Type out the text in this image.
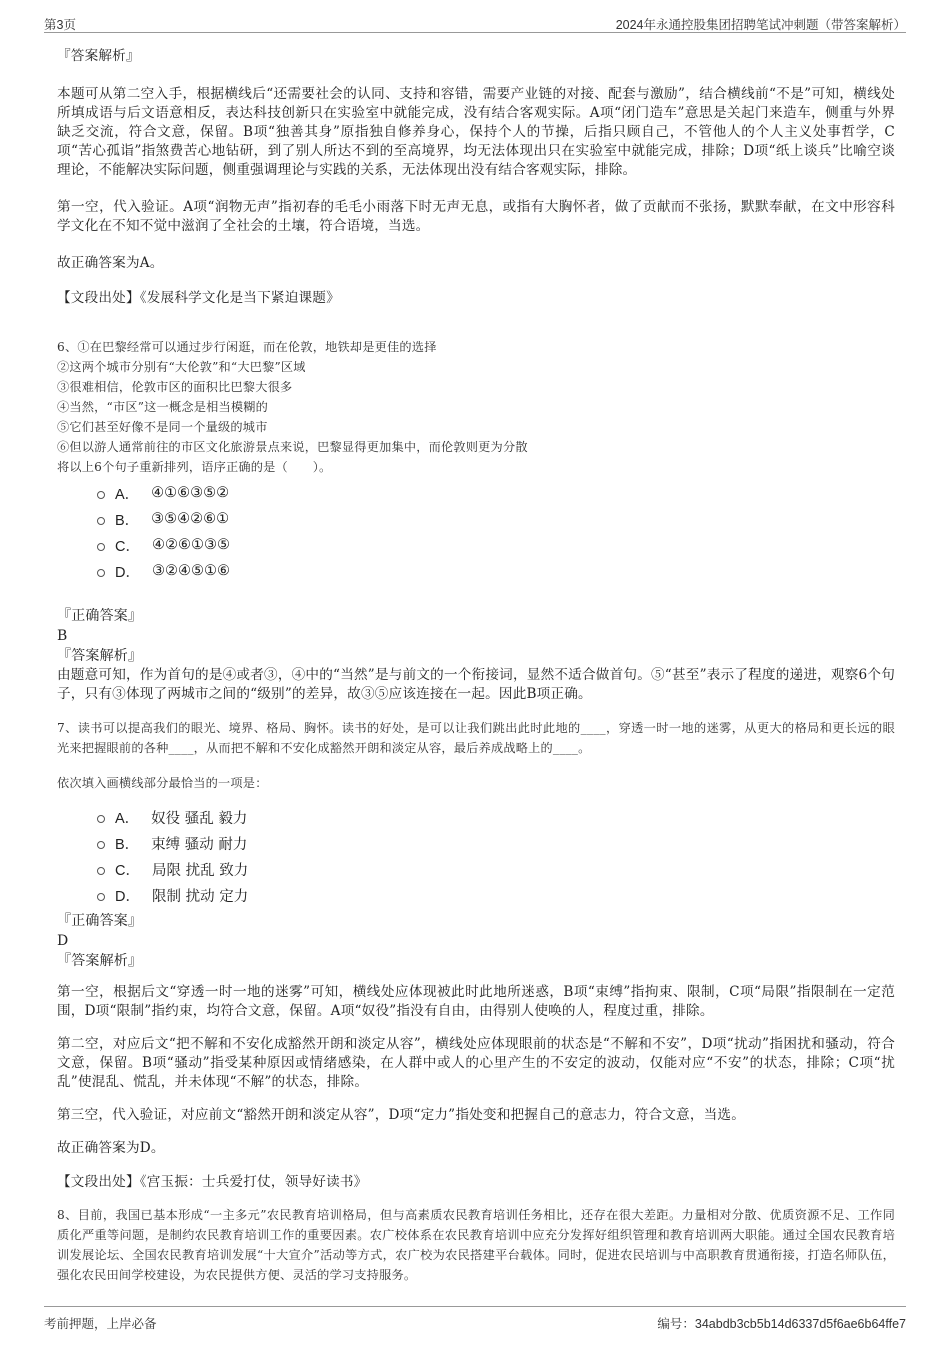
第3页	2024年永通控股集团招聘笔试冲刺题（带答案解析）

『答案解析』

本题可从第二空入手，根据横线后“还需要社会的认同、支持和容错，需要产业链的对接、配套与激励”，结合横线前“不是”可知，横线处所填成语与后文语意相反，表达科技创新只在实验室中就能完成，没有结合客观实际。A项“闭门造车”意思是关起门来造车，侧重与外界缺乏交流，符合文意，保留。B项“独善其身”原指独自修养身心，保持个人的节操，后指只顾自己，不管他人的个人主义处事哲学，C项“苦心孤诣”指煞费苦心地钻研，到了别人所达不到的至高境界，均无法体现出只在实验室中就能完成，排除；D项“纸上谈兵”比喻空谈理论，不能解决实际问题，侧重强调理论与实践的关系，无法体现出没有结合客观实际，排除。

第一空，代入验证。A项“润物无声”指初春的毛毛小雨落下时无声无息，或指有大胸怀者，做了贡献而不张扬，默默奉献，在文中形容科学文化在不知不觉中滋润了全社会的土壤，符合语境，当选。

故正确答案为A。

【文段出处】《发展科学文化是当下紧迫课题》

6、①在巴黎经常可以通过步行闲逛，而在伦敦，地铁却是更佳的选择

②这两个城市分别有“大伦敦”和“大巴黎”区域

③很难相信，伦敦市区的面积比巴黎大很多

④当然，“市区”这一概念是相当模糊的

⑤它们甚至好像不是同一个量级的城市

⑥但以游人通常前往的市区文化旅游景点来说，巴黎显得更加集中，而伦敦则更为分散

将以上6个句子重新排列，语序正确的是（　　）。

A． ④①⑥③⑤②
B． ③⑤④②⑥①
C． ④②⑥①③⑤
D． ③②④⑤①⑥

『正确答案』

B

『答案解析』

由题意可知，作为首句的是④或者③，④中的“当然”是与前文的一个衔接词，显然不适合做首句。⑤“甚至”表示了程度的递进，观察6个句子，只有③体现了两城市之间的“级别”的差异，故③⑤应该连接在一起。因此B项正确。

7、读书可以提高我们的眼光、境界、格局、胸怀。读书的好处，是可以让我们跳出此时此地的____，穿透一时一地的迷雾，从更大的格局和更长远的眼光来把握眼前的各种____，从而把不解和不安化成豁然开朗和淡定从容，最后养成战略上的____。

依次填入画横线部分最恰当的一项是：

A． 奴役 骚乱 毅力
B． 束缚 骚动 耐力
C． 局限 扰乱 致力
D． 限制 扰动 定力

『正确答案』

D

『答案解析』

第一空，根据后文“穿透一时一地的迷雾”可知，横线处应体现被此时此地所迷惑，B项“束缚”指拘束、限制，C项“局限”指限制在一定范围，D项“限制”指约束，均符合文意，保留。A项“奴役”指没有自由，由得别人使唤的人，程度过重，排除。

第二空，对应后文“把不解和不安化成豁然开朗和淡定从容”，横线处应体现眼前的状态是“不解和不安”，D项“扰动”指困扰和骚动，符合文意，保留。B项“骚动”指受某种原因或情绪感染，在人群中或人的心里产生的不安定的波动，仅能对应“不安”的状态，排除；C项“扰乱”使混乱、慌乱，并未体现“不解”的状态，排除。

第三空，代入验证，对应前文“豁然开朗和淡定从容”，D项“定力”指处变和把握自己的意志力，符合文意，当选。

故正确答案为D。

【文段出处】《宫玉振：士兵爱打仗，领导好读书》

8、目前，我国已基本形成“一主多元”农民教育培训格局，但与高素质农民教育培训任务相比，还存在很大差距。力量相对分散、优质资源不足、工作同质化严重等问题，是制约农民教育培训工作的重要因素。农广校体系在农民教育培训中应充分发挥好组织管理和教育培训两大职能。通过全国农民教育培训发展论坛、全国农民教育培训发展“十大宣介”活动等方式，农广校为农民搭建平台载体。同时，促进农民培训与中高职教育贯通衔接，打造名师队伍，强化农民田间学校建设，为农民提供方便、灵活的学习支持服务。

考前押题，上岸必备	编号：34abdb3cb5b14d6337d5f6ae6b64ffe7
